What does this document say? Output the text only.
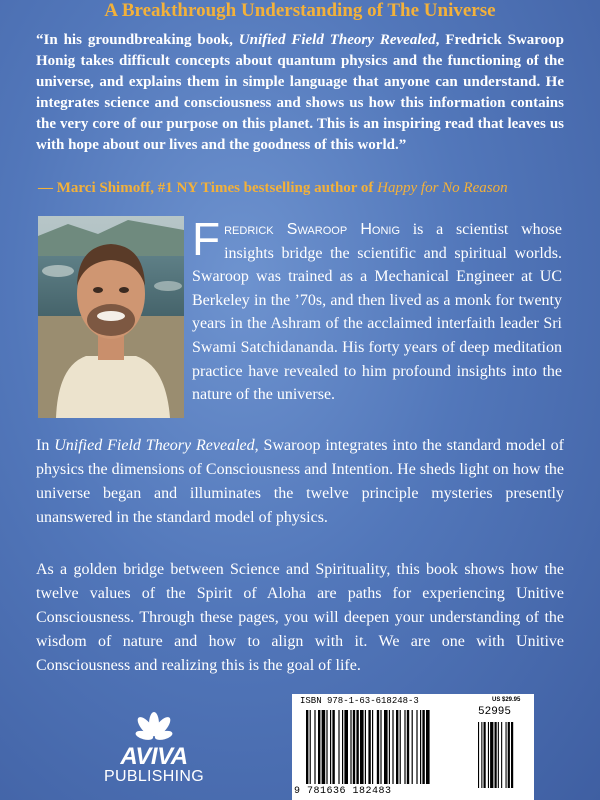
A Breakthrough Understanding of The Universe
“In his groundbreaking book, Unified Field Theory Revealed, Fredrick Swaroop Honig takes difficult concepts about quantum physics and the functioning of the universe, and explains them in simple language that anyone can understand. He integrates science and consciousness and shows us how this information contains the very core of our purpose on this planet. This is an inspiring read that leaves us with hope about our lives and the goodness of this world.”
— Marci Shimoff, #1 NY Times bestselling author of Happy for No Reason
Fredrick Swaroop Honig is a scientist whose insights bridge the scientific and spiritual worlds. Swaroop was trained as a Mechanical Engineer at UC Berkeley in the ’70s, and then lived as a monk for twenty years in the Ashram of the acclaimed interfaith leader Sri Swami Satchidananda. His forty years of deep meditation practice have revealed to him profound insights into the nature of the universe.
In Unified Field Theory Revealed, Swaroop integrates into the standard model of physics the dimensions of Consciousness and Intention. He sheds light on how the universe began and illuminates the twelve principle mysteries presently unanswered in the standard model of physics.
As a golden bridge between Science and Spirituality, this book shows how the twelve values of the Spirit of Aloha are paths for experiencing Unitive Consciousness. Through these pages, you will deepen your understanding of the wisdom of nature and how to align with it. We are one with Unitive Consciousness and realizing this is the goal of life.
AVIVA
PUBLISHING
ISBN 978-1-63-618248-3	US $29.95
52995
9 781636 182483
